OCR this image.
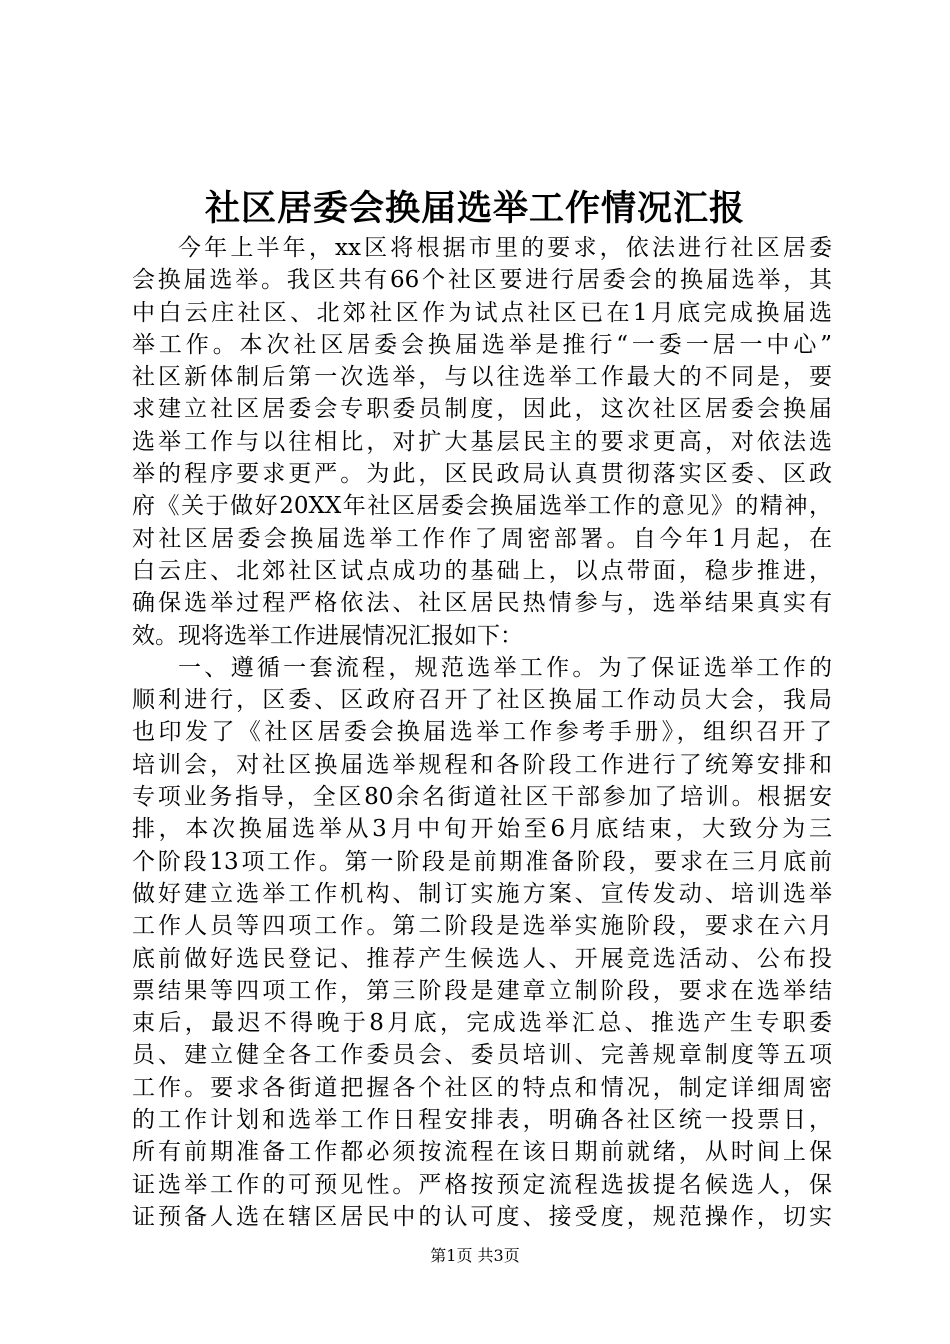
社区居委会换届选举工作情况汇报
今年上半年，xx区将根据市里的要求，依法进行社区居委
会换届选举。我区共有66个社区要进行居委会的换届选举，其
中白云庄社区、北郊社区作为试点社区已在1月底完成换届选
举工作。本次社区居委会换届选举是推行“一委一居一中心”
社区新体制后第一次选举，与以往选举工作最大的不同是，要
求建立社区居委会专职委员制度，因此，这次社区居委会换届
选举工作与以往相比，对扩大基层民主的要求更高，对依法选
举的程序要求更严。为此，区民政局认真贯彻落实区委、区政
府《关于做好20XX年社区居委会换届选举工作的意见》的精神，
对社区居委会换届选举工作作了周密部署。自今年1月起，在
白云庄、北郊社区试点成功的基础上，以点带面，稳步推进，
确保选举过程严格依法、社区居民热情参与，选举结果真实有
效。现将选举工作进展情况汇报如下：
一、遵循一套流程，规范选举工作。为了保证选举工作的
顺利进行，区委、区政府召开了社区换届工作动员大会，我局
也印发了《社区居委会换届选举工作参考手册》，组织召开了
培训会，对社区换届选举规程和各阶段工作进行了统筹安排和
专项业务指导，全区80余名街道社区干部参加了培训。根据安
排，本次换届选举从3月中旬开始至6月底结束，大致分为三
个阶段13项工作。第一阶段是前期准备阶段，要求在三月底前
做好建立选举工作机构、制订实施方案、宣传发动、培训选举
工作人员等四项工作。第二阶段是选举实施阶段，要求在六月
底前做好选民登记、推荐产生候选人、开展竞选活动、公布投
票结果等四项工作，第三阶段是建章立制阶段，要求在选举结
束后，最迟不得晚于8月底，完成选举汇总、推选产生专职委
员、建立健全各工作委员会、委员培训、完善规章制度等五项
工作。要求各街道把握各个社区的特点和情况，制定详细周密
的工作计划和选举工作日程安排表，明确各社区统一投票日，
所有前期准备工作都必须按流程在该日期前就绪，从时间上保
证选举工作的可预见性。严格按预定流程选拔提名候选人，保
证预备人选在辖区居民中的认可度、接受度，规范操作，切实
第1页 共3页
